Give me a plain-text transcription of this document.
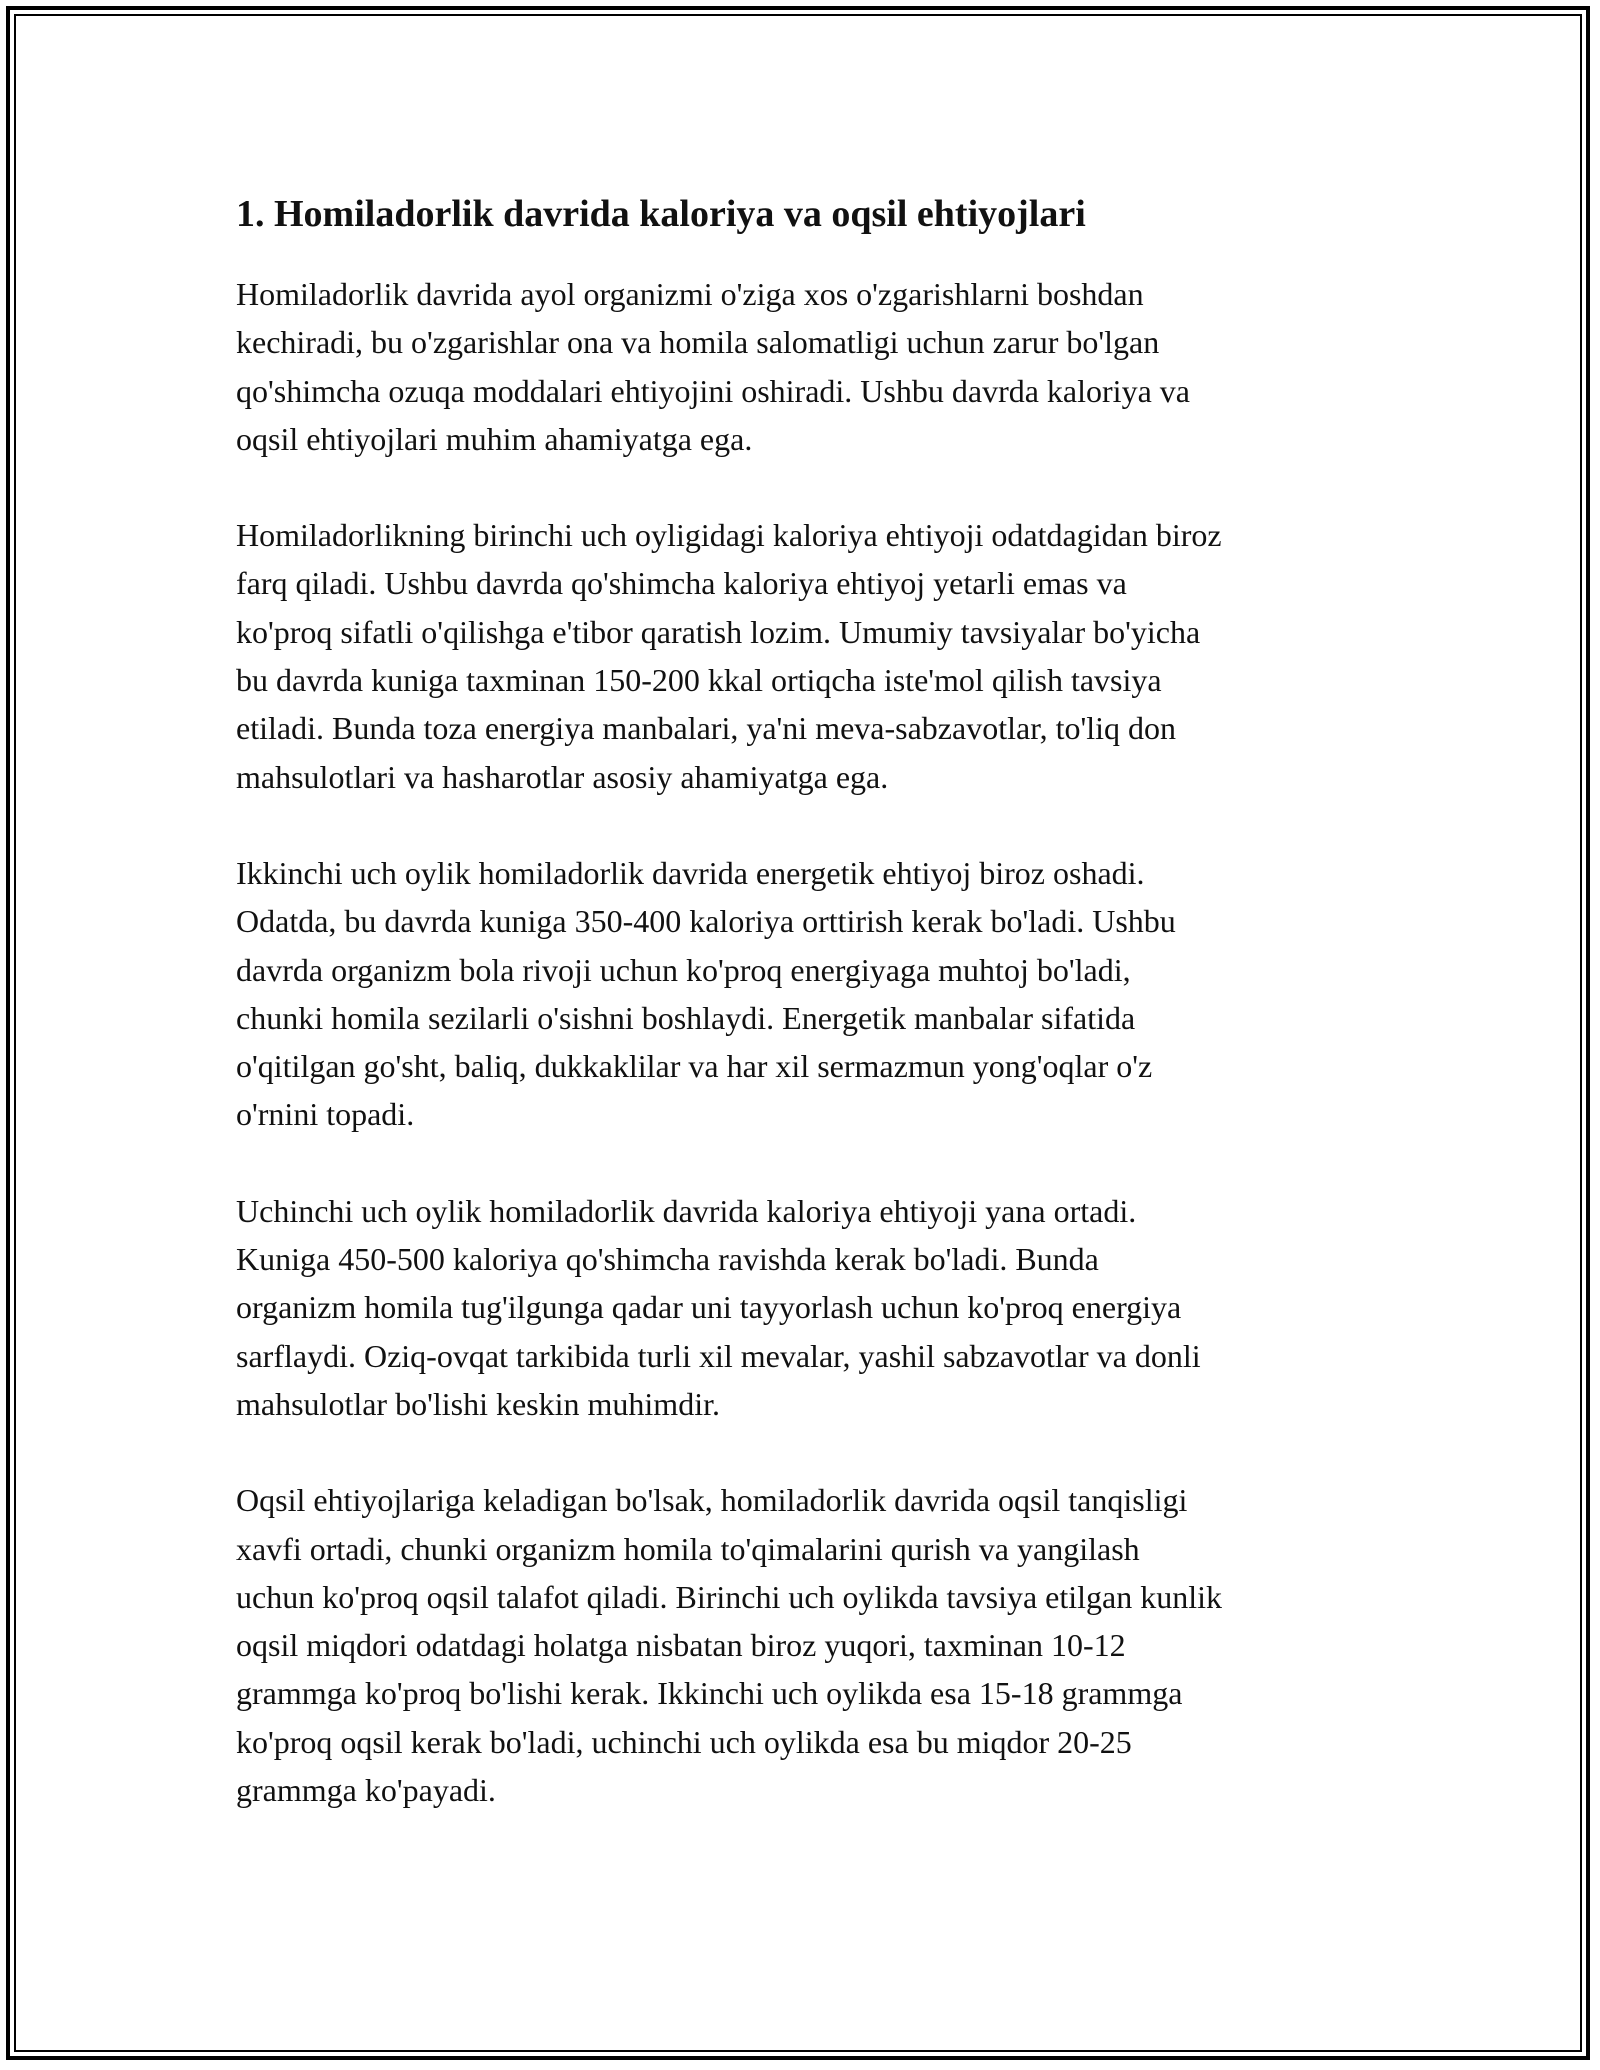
1. Homiladorlik davrida kaloriya va oqsil ehtiyojlari

Homiladorlik davrida ayol organizmi o'ziga xos o'zgarishlarni boshdan
kechiradi, bu o'zgarishlar ona va homila salomatligi uchun zarur bo'lgan
qo'shimcha ozuqa moddalari ehtiyojini oshiradi. Ushbu davrda kaloriya va
oqsil ehtiyojlari muhim ahamiyatga ega.

Homiladorlikning birinchi uch oyligidagi kaloriya ehtiyoji odatdagidan biroz
farq qiladi. Ushbu davrda qo'shimcha kaloriya ehtiyoj yetarli emas va
ko'proq sifatli o'qilishga e'tibor qaratish lozim. Umumiy tavsiyalar bo'yicha
bu davrda kuniga taxminan 150-200 kkal ortiqcha iste'mol qilish tavsiya
etiladi. Bunda toza energiya manbalari, ya'ni meva-sabzavotlar, to'liq don
mahsulotlari va hasharotlar asosiy ahamiyatga ega.

Ikkinchi uch oylik homiladorlik davrida energetik ehtiyoj biroz oshadi.
Odatda, bu davrda kuniga 350-400 kaloriya orttirish kerak bo'ladi. Ushbu
davrda organizm bola rivoji uchun ko'proq energiyaga muhtoj bo'ladi,
chunki homila sezilarli o'sishni boshlaydi. Energetik manbalar sifatida
o'qitilgan go'sht, baliq, dukkaklilar va har xil sermazmun yong'oqlar o'z
o'rnini topadi.

Uchinchi uch oylik homiladorlik davrida kaloriya ehtiyoji yana ortadi.
Kuniga 450-500 kaloriya qo'shimcha ravishda kerak bo'ladi. Bunda
organizm homila tug'ilgunga qadar uni tayyorlash uchun ko'proq energiya
sarflaydi. Oziq-ovqat tarkibida turli xil mevalar, yashil sabzavotlar va donli
mahsulotlar bo'lishi keskin muhimdir.

Oqsil ehtiyojlariga keladigan bo'lsak, homiladorlik davrida oqsil tanqisligi
xavfi ortadi, chunki organizm homila to'qimalarini qurish va yangilash
uchun ko'proq oqsil talafot qiladi. Birinchi uch oylikda tavsiya etilgan kunlik
oqsil miqdori odatdagi holatga nisbatan biroz yuqori, taxminan 10-12
grammga ko'proq bo'lishi kerak. Ikkinchi uch oylikda esa 15-18 grammga
ko'proq oqsil kerak bo'ladi, uchinchi uch oylikda esa bu miqdor 20-25
grammga ko'payadi.
